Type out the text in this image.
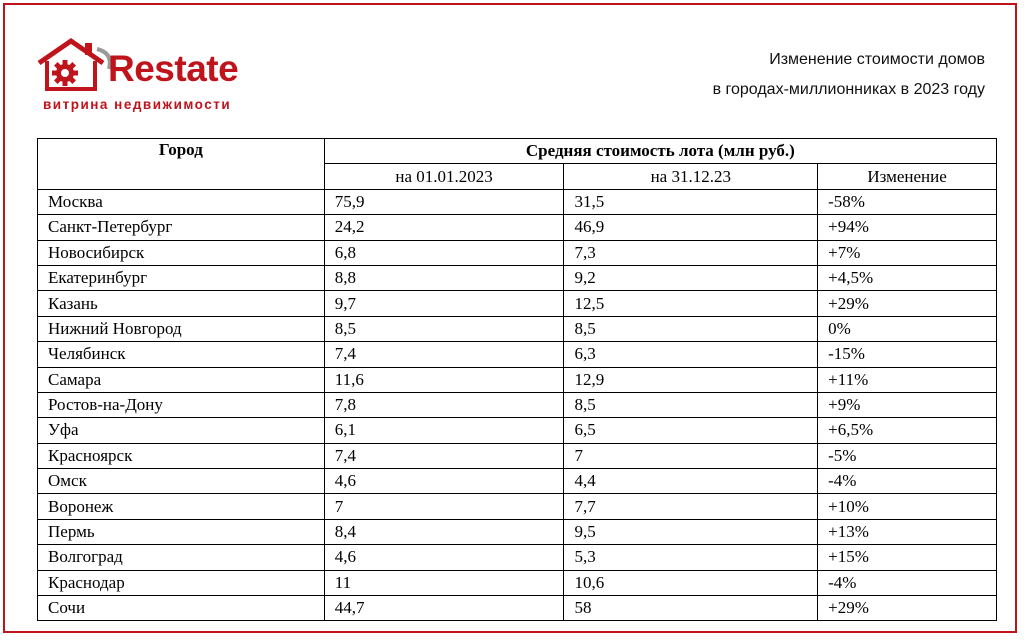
Restate
витрина недвижимости
Изменение стоимости домов
в городах-миллионниках в 2023 году
Город	Средняя стоимость лота (млн руб.)		
	на 01.01.2023	на 31.12.23	Изменение
Москва	75,9	31,5	-58%
Санкт-Петербург	24,2	46,9	+94%
Новосибирск	6,8	7,3	+7%
Екатеринбург	8,8	9,2	+4,5%
Казань	9,7	12,5	+29%
Нижний Новгород	8,5	8,5	0%
Челябинск	7,4	6,3	-15%
Самара	11,6	12,9	+11%
Ростов-на-Дону	7,8	8,5	+9%
Уфа	6,1	6,5	+6,5%
Красноярск	7,4	7	-5%
Омск	4,6	4,4	-4%
Воронеж	7	7,7	+10%
Пермь	8,4	9,5	+13%
Волгоград	4,6	5,3	+15%
Краснодар	11	10,6	-4%
Сочи	44,7	58	+29%
